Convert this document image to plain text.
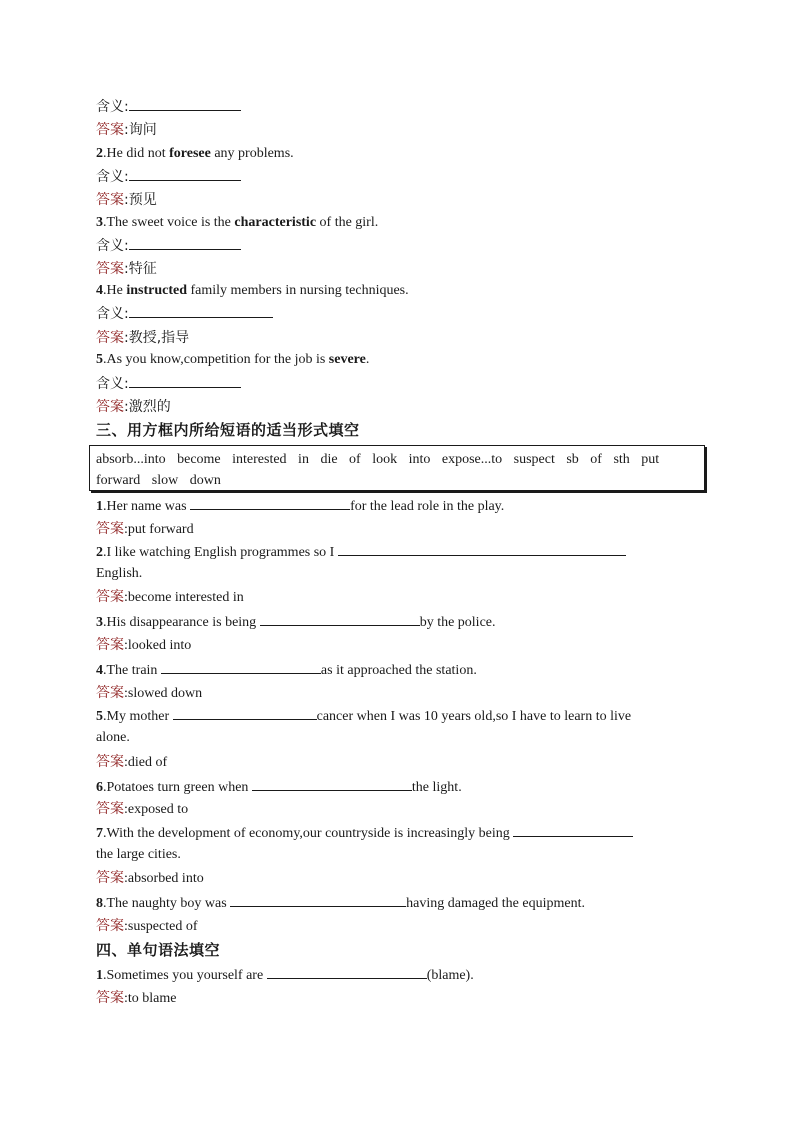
含义:
答案:询问
2.He did not foresee any problems.
含义:
答案:预见
3.The sweet voice is the characteristic of the girl.
含义:
答案:特征
4.He instructed family members in nursing techniques.
含义:
答案:教授,指导
5.As you know,competition for the job is severe.
含义:
答案:激烈的
三、用方框内所给短语的适当形式填空
absorb...into become interested in die of look into expose...to suspect sb of sth put forward slow down
1.Her name was	for the lead role in the play.
答案:put forward
2.I like watching English programmes so I
English.
答案:become interested in
3.His disappearance is being	by the police.
答案:looked into
4.The train	as it approached the station.
答案:slowed down
5.My mother	cancer when I was 10 years old,so I have to learn to live
alone.
答案:died of
6.Potatoes turn green when	the light.
答案:exposed to
7.With the development of economy,our countryside is increasingly being
the large cities.
答案:absorbed into
8.The naughty boy was	having damaged the equipment.
答案:suspected of
四、单句语法填空
1.Sometimes you yourself are	(blame).
答案:to blame
